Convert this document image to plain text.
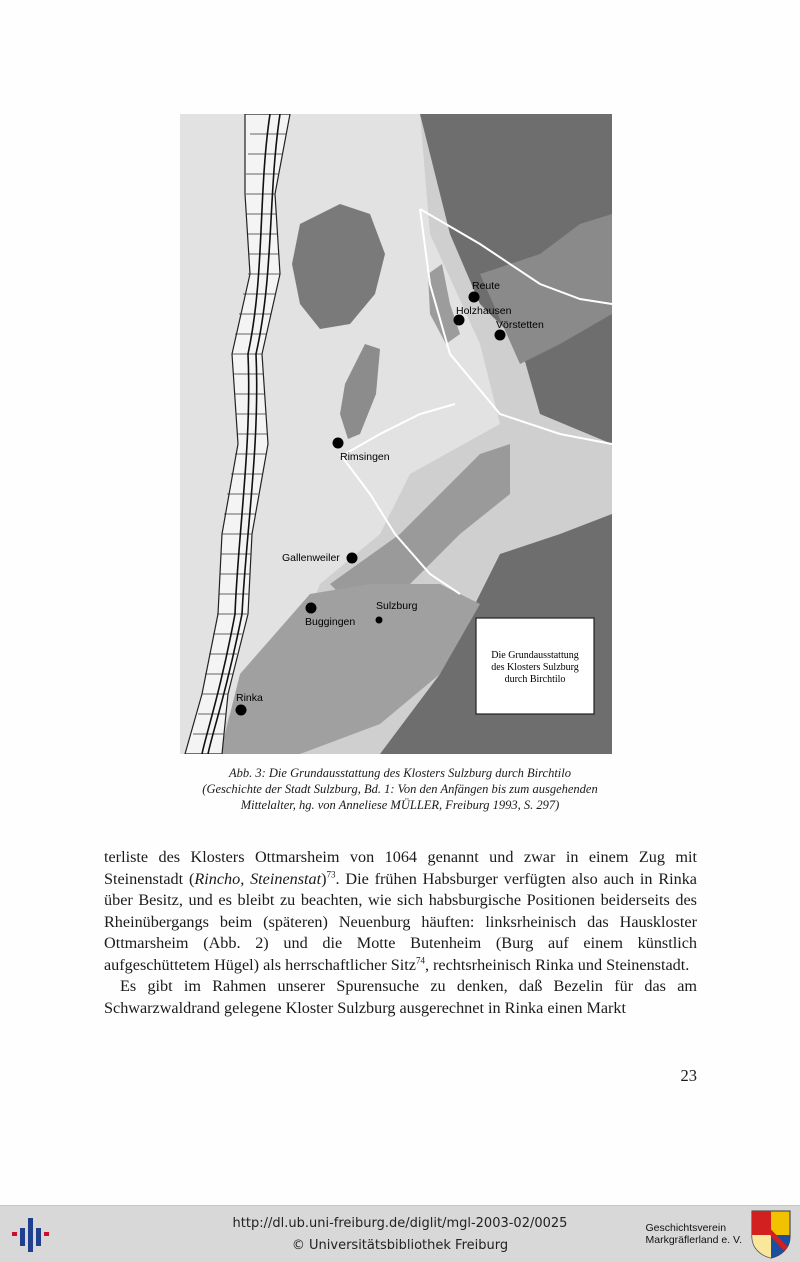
Reute
Holzhausen
Vörstetten
Rimsingen
Gallenweiler
Buggingen
Sulzburg
Rinka
Die Grundausstattung
des Klosters Sulzburg
durch Birchtilo
Abb. 3: Die Grundausstattung des Klosters Sulzburg durch Birchtilo
(Geschichte der Stadt Sulzburg, Bd. 1: Von den Anfängen bis zum ausgehenden
Mittelalter, hg. von Anneliese MÜLLER, Freiburg 1993, S. 297)

terliste des Klosters Ottmarsheim von 1064 genannt und zwar in einem Zug mit Steinenstadt (Rincho, Steinenstat)$^{73}$. Die frühen Habsburger verfügten also auch in Rinka über Besitz, und es bleibt zu beachten, wie sich habsburgische Positionen beiderseits des Rheinübergangs beim (späteren) Neuenburg häuften: linksrheinisch das Hauskloster Ottmarsheim (Abb. 2) und die Motte Butenheim (Burg auf einem künstlich aufgeschüttetem Hügel) als herrschaftlicher Sitz$^{74}$, rechtsrheinisch Rinka und Steinenstadt.

Es gibt im Rahmen unserer Spurensuche zu denken, daß Bezelin für das am Schwarzwaldrand gelegene Kloster Sulzburg ausgerechnet in Rinka einen Markt

23
http://dl.ub.uni-freiburg.de/diglit/mgl-2003-02/0025
© Universitätsbibliothek Freiburg
Geschichtsverein
Markgräflerland e. V.
